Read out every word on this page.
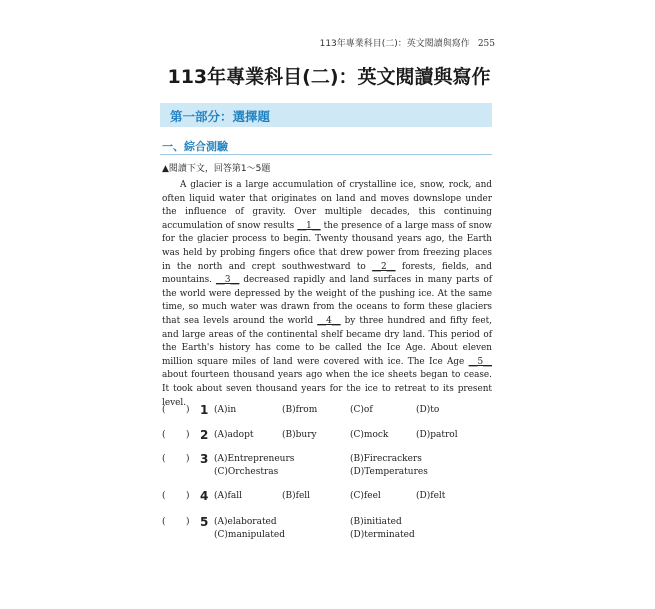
113年專業科目(二)：英文閱讀與寫作 255
113年專業科目(二)：英文閱讀與寫作
第一部分：選擇題
一、綜合測驗
▲閱讀下文，回答第1～5題

A glacier is a large accumulation of crystalline ice, snow, rock, and often liquid water that originates on land and moves downslope under the influence of gravity. Over multiple decades, this continuing accumulation of snow results __1__ the presence of a large mass of snow for the glacier process to begin. Twenty thousand years ago, the Earth was held by probing fingers ofice that drew power from freezing places in the north and crept southwestward to __2__ forests, fields, and mountains. __3__ decreased rapidly and land surfaces in many parts of the world were depressed by the weight of the pushing ice. At the same time, so much water was drawn from the oceans to form these glaciers that sea levels around the world __4__ by three hundred and fifty feet, and large areas of the continental shelf became dry land. This period of the Earth's history has come to be called the Ice Age. About eleven million square miles of land were covered with ice. The Ice Age __5__ about fourteen thousand years ago when the ice sheets began to cease. It took about seven thousand years for the ice to retreat to its present level.

( ) 1 (A)in	(B)from	(C)of	(D)to
( ) 2 (A)adopt	(B)bury	(C)mock	(D)patrol
( ) 3 (A)Entrepreneurs	(B)Firecrackers
(C)Orchestras	(D)Temperatures
( ) 4 (A)fall	(B)fell	(C)feel	(D)felt
( ) 5 (A)elaborated	(B)initiated
(C)manipulated	(D)terminated
